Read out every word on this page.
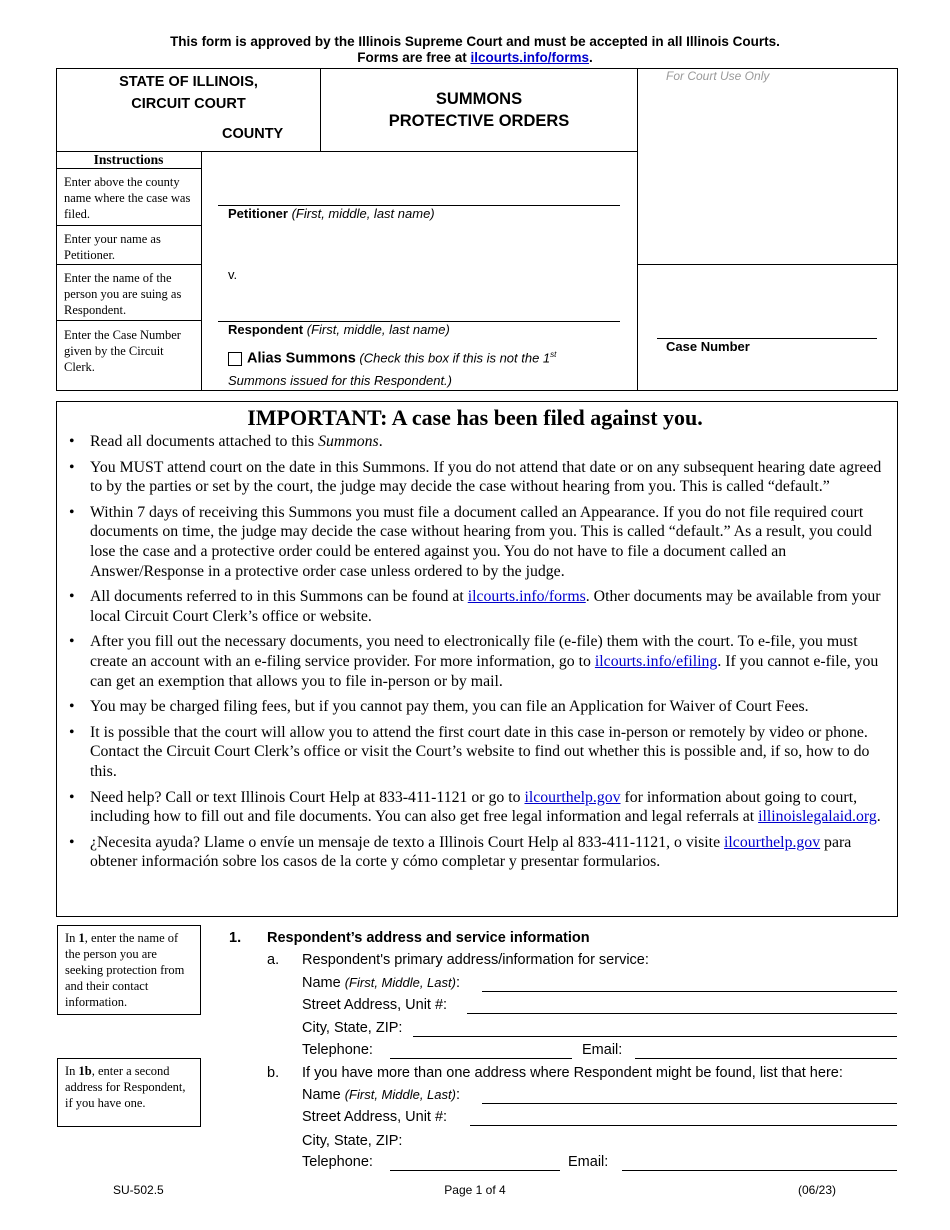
This form is approved by the Illinois Supreme Court and must be accepted in all Illinois Courts.
Forms are free at ilcourts.info/forms.
STATE OF ILLINOIS,
CIRCUIT COURT
COUNTY
SUMMONS
PROTECTIVE ORDERS
For Court Use Only
Case Number
Instructions
Enter above the county name where the case was filed.
Enter your name as Petitioner.
Enter the name of the person you are suing as Respondent.
Enter the Case Number given by the Circuit Clerk.
Petitioner (First, middle, last name)
v.
Respondent (First, middle, last name)
Alias Summons (Check this box if this is not the 1st
Summons issued for this Respondent.)
IMPORTANT: A case has been filed against you.
• Read all documents attached to this Summons.
• You MUST attend court on the date in this Summons. If you do not attend that date or on any subsequent hearing date agreed to by the parties or set by the court, the judge may decide the case without hearing from you. This is called “default.”
• Within 7 days of receiving this Summons you must file a document called an Appearance. If you do not file required court documents on time, the judge may decide the case without hearing from you. This is called “default.” As a result, you could lose the case and a protective order could be entered against you. You do not have to file a document called an Answer/Response in a protective order case unless ordered to by the judge.
• All documents referred to in this Summons can be found at ilcourts.info/forms. Other documents may be available from your local Circuit Court Clerk’s office or website.
• After you fill out the necessary documents, you need to electronically file (e-file) them with the court. To e-file, you must create an account with an e-filing service provider. For more information, go to ilcourts.info/efiling. If you cannot e-file, you can get an exemption that allows you to file in-person or by mail.
• You may be charged filing fees, but if you cannot pay them, you can file an Application for Waiver of Court Fees.
• It is possible that the court will allow you to attend the first court date in this case in-person or remotely by video or phone. Contact the Circuit Court Clerk’s office or visit the Court’s website to find out whether this is possible and, if so, how to do this.
• Need help? Call or text Illinois Court Help at 833-411-1121 or go to ilcourthelp.gov for information about going to court, including how to fill out and file documents. You can also get free legal information and legal referrals at illinoislegalaid.org.
• ¿Necesita ayuda? Llame o envíe un mensaje de texto a Illinois Court Help al 833-411-1121, o visite ilcourthelp.gov para obtener información sobre los casos de la corte y cómo completar y presentar formularios.
In 1, enter the name of the person you are seeking protection from and their contact information.
In 1b, enter a second address for Respondent, if you have one.
1. Respondent’s address and service information
a. Respondent's primary address/information for service:
Name (First, Middle, Last):
Street Address, Unit #:
City, State, ZIP:
Telephone:	Email:
b. If you have more than one address where Respondent might be found, list that here:
Name (First, Middle, Last):
Street Address, Unit #:
City, State, ZIP:
Telephone:	Email:
SU-502.5	Page 1 of 4	(06/23)
